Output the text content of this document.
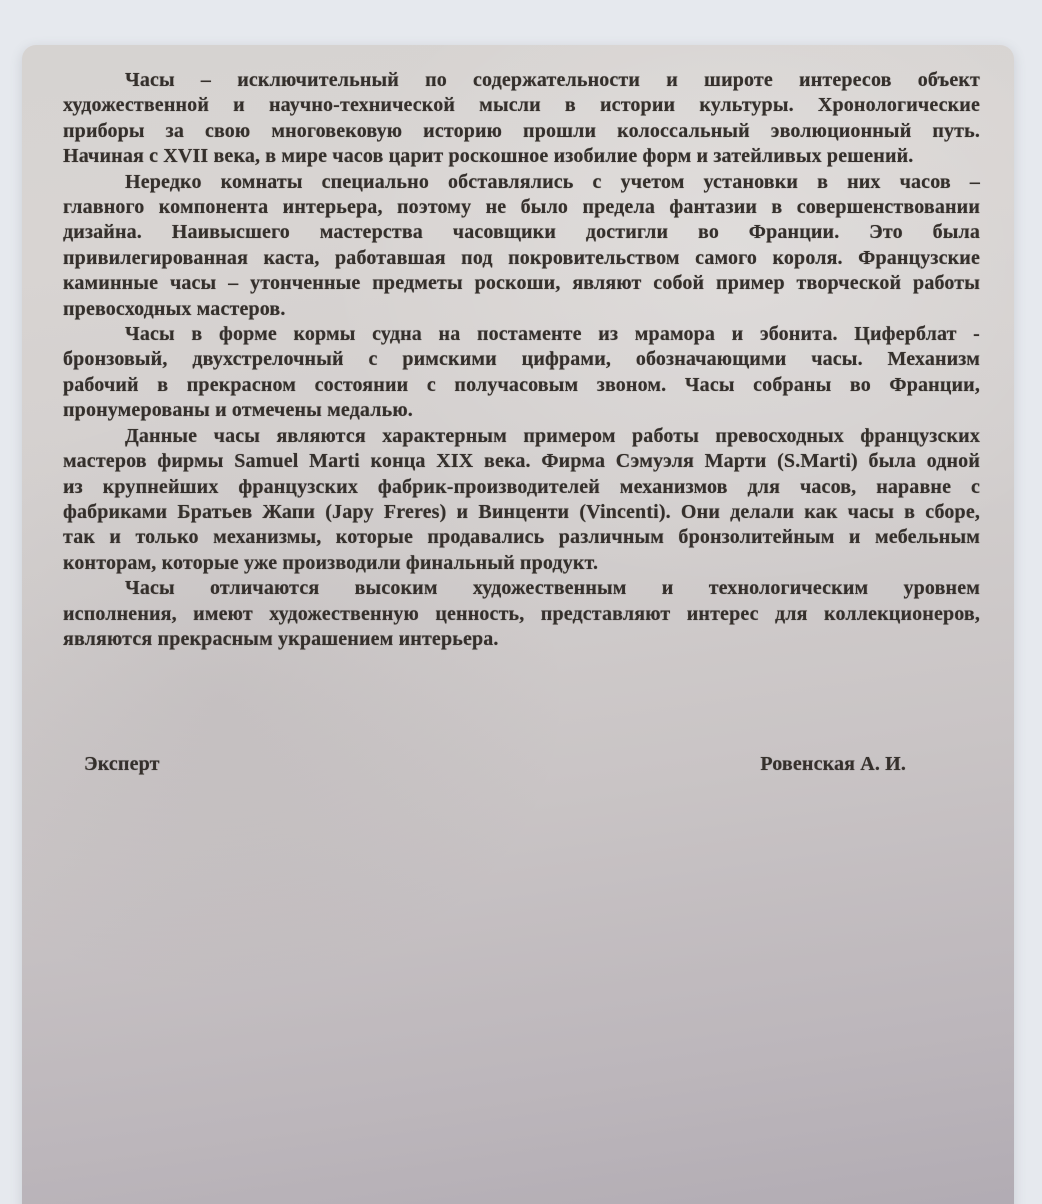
Часы – исключительный по содержательности и широте интересов объект
художественной и научно-технической мысли в истории культуры. Хронологические
приборы за свою многовековую историю прошли колоссальный эволюционный путь.
Начиная с XVII века, в мире часов царит роскошное изобилие форм и затейливых решений.
Нередко комнаты специально обставлялись с учетом установки в них часов –
главного компонента интерьера, поэтому не было предела фантазии в совершенствовании
дизайна. Наивысшего мастерства часовщики достигли во Франции. Это была
привилегированная каста, работавшая под покровительством самого короля. Французские
каминные часы – утонченные предметы роскоши, являют собой пример творческой работы
превосходных мастеров.
Часы в форме кормы судна на постаменте из мрамора и эбонита. Циферблат -
бронзовый, двухстрелочный с римскими цифрами, обозначающими часы. Механизм
рабочий в прекрасном состоянии с получасовым звоном. Часы собраны во Франции,
пронумерованы и отмечены медалью.
Данные часы являются характерным примером работы превосходных французских
мастеров фирмы Samuel Marti конца XIX века. Фирма Сэмуэля Марти (S.Marti) была одной
из крупнейших французских фабрик-производителей механизмов для часов, наравне с
фабриками Братьев Жапи (Japy Freres) и Винценти (Vincenti). Они делали как часы в сборе,
так и только механизмы, которые продавались различным бронзолитейным и мебельным
конторам, которые уже производили финальный продукт.
Часы отличаются высоким художественным и технологическим уровнем
исполнения, имеют художественную ценность, представляют интерес для коллекционеров,
являются прекрасным украшением интерьера.
Эксперт	Ровенская А. И.
